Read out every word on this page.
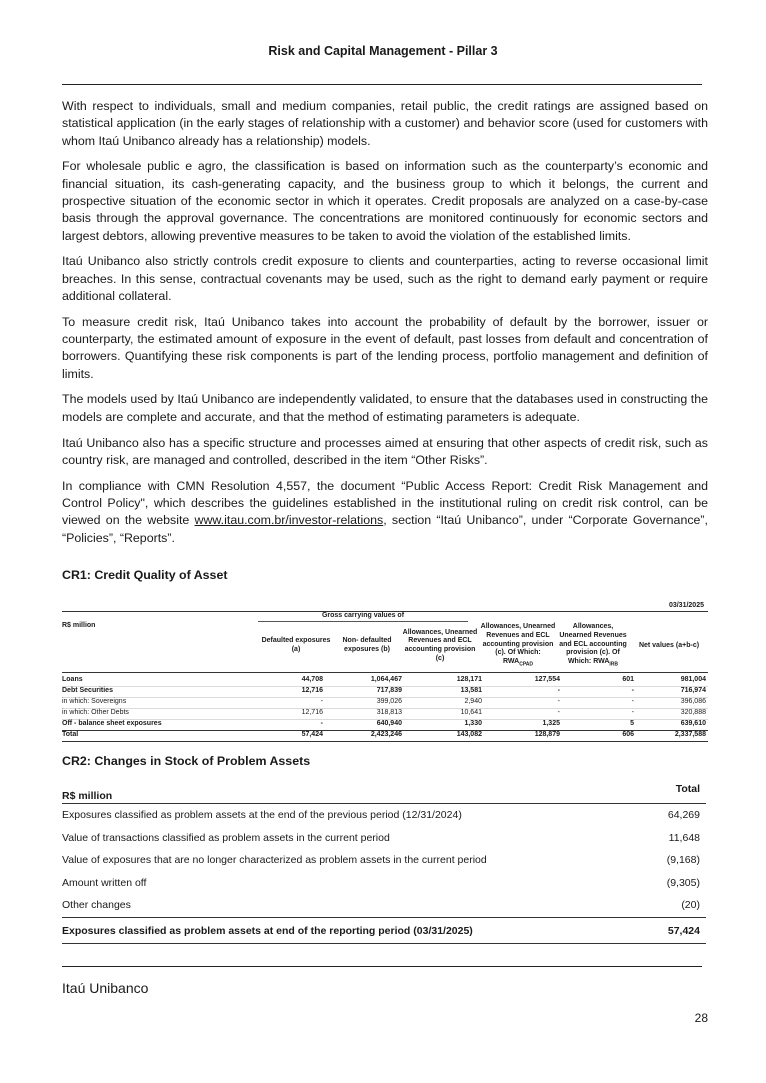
Risk and Capital Management - Pillar 3

With respect to individuals, small and medium companies, retail public, the credit ratings are assigned based on statistical application (in the early stages of relationship with a customer) and behavior score (used for customers with whom Itaú Unibanco already has a relationship) models.

For wholesale public e agro, the classification is based on information such as the counterparty’s economic and financial situation, its cash-generating capacity, and the business group to which it belongs, the current and prospective situation of the economic sector in which it operates. Credit proposals are analyzed on a case-by-case basis through the approval governance. The concentrations are monitored continuously for economic sectors and largest debtors, allowing preventive measures to be taken to avoid the violation of the established limits.

Itaú Unibanco also strictly controls credit exposure to clients and counterparties, acting to reverse occasional limit breaches. In this sense, contractual covenants may be used, such as the right to demand early payment or require additional collateral.

To measure credit risk, Itaú Unibanco takes into account the probability of default by the borrower, issuer or counterparty, the estimated amount of exposure in the event of default, past losses from default and concentration of borrowers. Quantifying these risk components is part of the lending process, portfolio management and definition of limits.

The models used by Itaú Unibanco are independently validated, to ensure that the databases used in constructing the models are complete and accurate, and that the method of estimating parameters is adequate.

Itaú Unibanco also has a specific structure and processes aimed at ensuring that other aspects of credit risk, such as country risk, are managed and controlled, described in the item “Other Risks”.

In compliance with CMN Resolution 4,557, the document “Public Access Report: Credit Risk Management and Control Policy", which describes the guidelines established in the institutional ruling on credit risk control, can be viewed on the website www.itau.com.br/investor-relations, section “Itaú Unibanco”, under “Corporate Governance”, “Policies”, “Reports”.

CR1: Credit Quality of Asset
03/31/2025
R$ million
Gross carrying values of
Defaulted exposures (a)
Non- defaulted exposures (b)
Allowances, Unearned Revenues and ECL accounting provision (c)
Allowances, Unearned Revenues and ECL accounting provision (c). Of Which: $RWA_{CPAD}$
Allowances, Unearned Revenues and ECL accounting provision (c). Of Which: $RWA_{IRB}$
Net values (a+b-c)
Loans	44,708	1,064,467	128,171	127,554	601	981,004
Debt Securities	12,716	717,839	13,581	-	-	716,974
in which: Sovereigns	-	399,026	2,940	-	-	396,086
in which: Other Debts	12,716	318,813	10,641	-	-	320,888
Off - balance sheet exposures	-	640,940	1,330	1,325	5	639,610
Total	57,424	2,423,246	143,082	128,879	606	2,337,588
CR2: Changes in Stock of Problem Assets
Total
R$ million
Exposures classified as problem assets at the end of the previous period (12/31/2024)	64,269
Value of transactions classified as problem assets in the current period	11,648
Value of exposures that are no longer characterized as problem assets in the current period	(9,168)
Amount written off	(9,305)
Other changes	(20)
Exposures classified as problem assets at end of the reporting period (03/31/2025)	57,424
Itaú Unibanco
28
